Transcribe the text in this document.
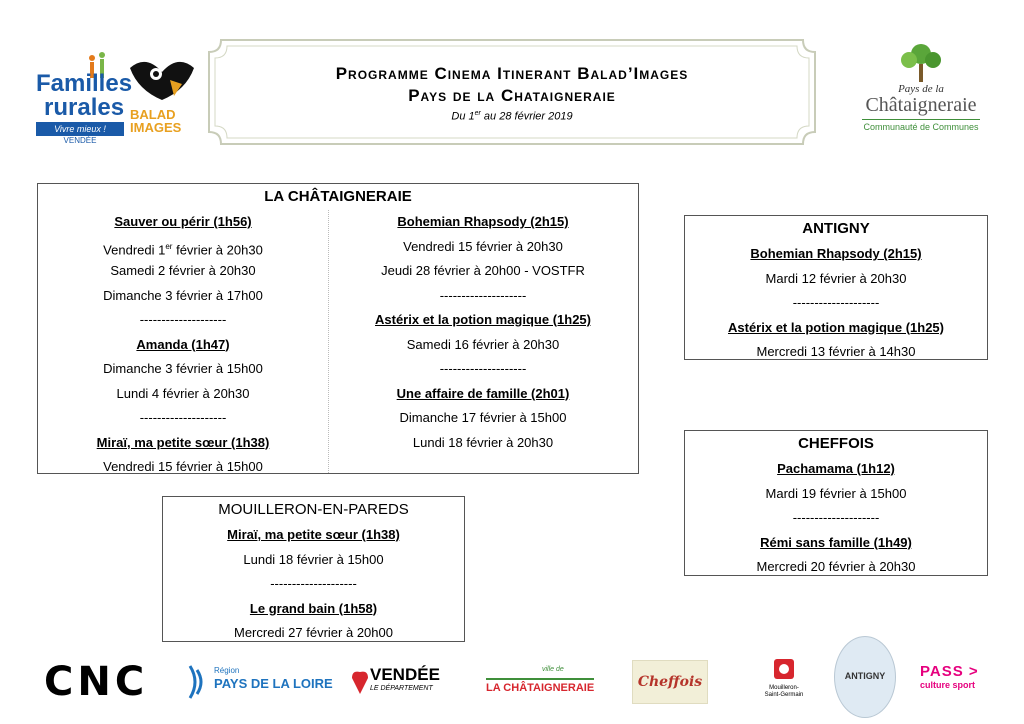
Familles
rurales
Vivre mieux !
VENDÉE
BALAD
IMAGES
Pays de la
Châtaigneraie
Communauté de Communes
Programme Cinema Itinerant Balad’Images
Pays de la Chataigneraie
Du 1er au 28 février 2019
LA CHÂTAIGNERAIE
Sauver ou périr (1h56)
Vendredi 1er février à 20h30
Samedi 2 février à 20h30
Dimanche 3 février à 17h00
--------------------
Amanda (1h47)
Dimanche 3 février à 15h00
Lundi 4 février à 20h30
--------------------
Miraï, ma petite sœur (1h38)
Vendredi 15 février à 15h00
Bohemian Rhapsody (2h15)
Vendredi 15 février à 20h30
Jeudi 28 février à 20h00 - VOSTFR
--------------------
Astérix et la potion magique (1h25)
Samedi 16 février à 20h30
--------------------
Une affaire de famille (2h01)
Dimanche 17 février à 15h00
Lundi 18 février à 20h30
ANTIGNY
Bohemian Rhapsody (2h15)
Mardi 12 février à 20h30
--------------------
Astérix et la potion magique (1h25)
Mercredi 13 février à 14h30
CHEFFOIS
Pachamama (1h12)
Mardi 19 février à 15h00
--------------------
Rémi sans famille (1h49)
Mercredi 20 février à 20h30
MOUILLERON-EN-PAREDS
Miraï, ma petite sœur (1h38)
Lundi 18 février à 15h00
--------------------
Le grand bain (1h58)
Mercredi 27 février à 20h00
CNC	Région
PAYS DE LA LOIRE VENDÉE
LE DÉPARTEMENT
ville de
LA CHÂTAIGNERAIE	Cheffois	Mouilleron-
Saint-Germain
ANTIGNY	PASS >
culture sport
